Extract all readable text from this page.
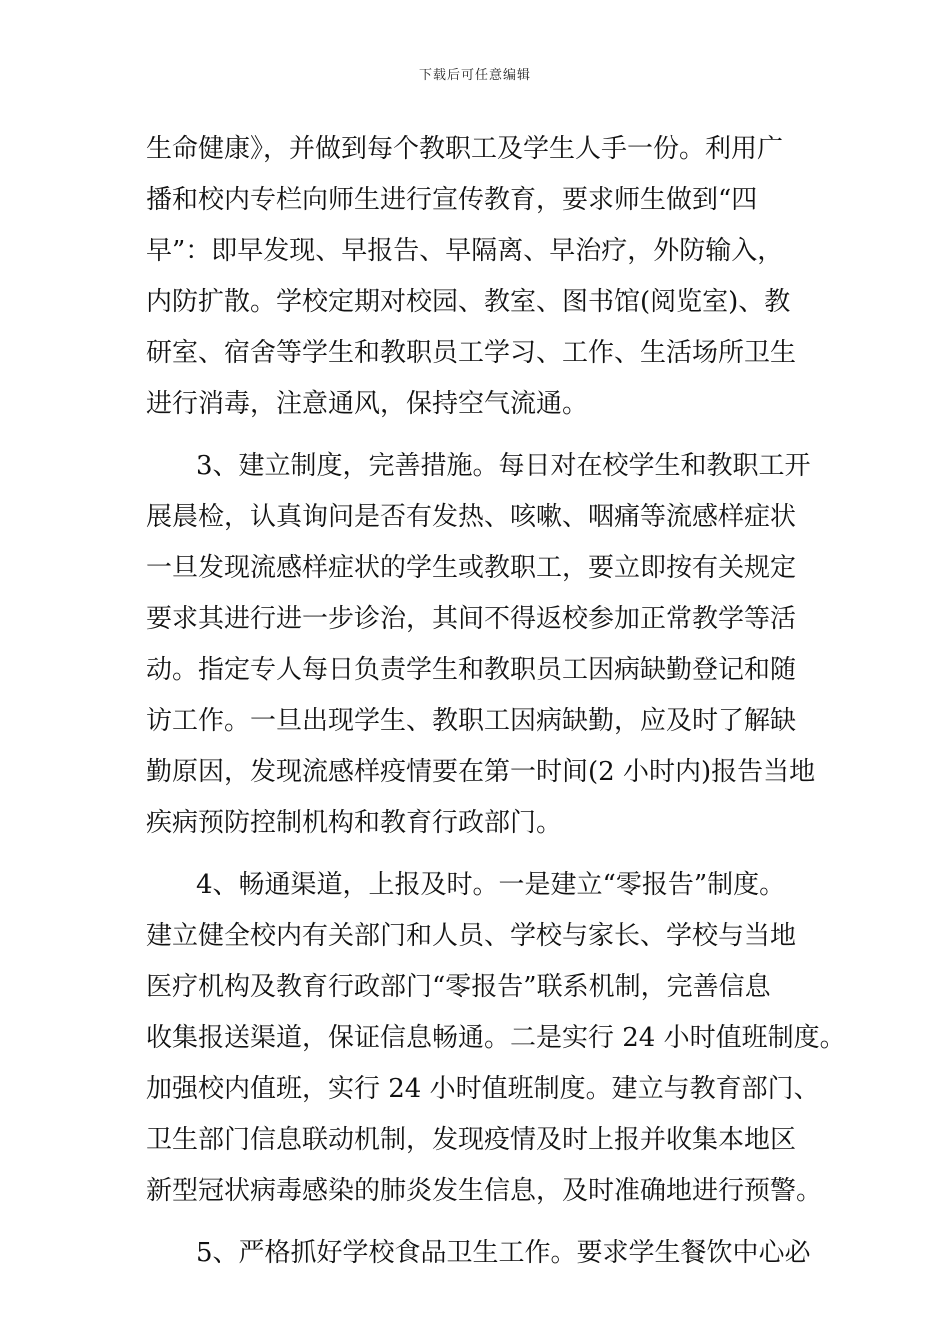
下载后可任意编辑
生命健康》，并做到每个教职工及学生人手一份。利用广
播和校内专栏向师生进行宣传教育，要求师生做到“四
早”：即早发现、早报告、早隔离、早治疗，外防输入，
内防扩散。学校定期对校园、教室、图书馆(阅览室)、教
研室、宿舍等学生和教职员工学习、工作、生活场所卫生
进行消毒，注意通风，保持空气流通。
3、建立制度，完善措施。每日对在校学生和教职工开
展晨检，认真询问是否有发热、咳嗽、咽痛等流感样症状
一旦发现流感样症状的学生或教职工，要立即按有关规定
要求其进行进一步诊治，其间不得返校参加正常教学等活
动。指定专人每日负责学生和教职员工因病缺勤登记和随
访工作。一旦出现学生、教职工因病缺勤，应及时了解缺
勤原因，发现流感样疫情要在第一时间(2 小时内)报告当地
疾病预防控制机构和教育行政部门。
4、畅通渠道，上报及时。一是建立“零报告”制度。
建立健全校内有关部门和人员、学校与家长、学校与当地
医疗机构及教育行政部门“零报告”联系机制，完善信息
收集报送渠道，保证信息畅通。二是实行 24 小时值班制度。
加强校内值班，实行 24 小时值班制度。建立与教育部门、
卫生部门信息联动机制，发现疫情及时上报并收集本地区
新型冠状病毒感染的肺炎发生信息，及时准确地进行预警。
5、严格抓好学校食品卫生工作。要求学生餐饮中心必
